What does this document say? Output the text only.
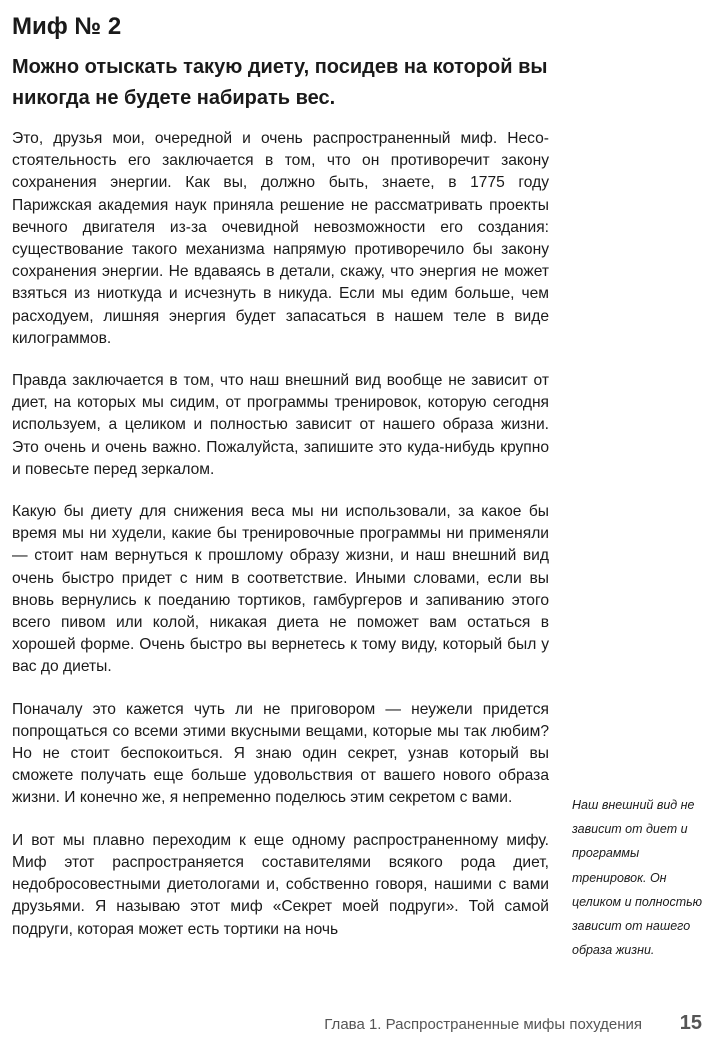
Миф № 2
Можно отыскать такую диету, посидев на которой вы никогда не будете набирать вес.

Это, друзья мои, очередной и очень распространенный миф. Несостоятельность его заключается в том, что он противоречит закону сохранения энергии. Как вы, должно быть, знаете, в 1775 году Парижская академия наук приняла решение не рассматривать проекты вечного двигателя из-за очевидной невозможности его создания: существование такого механизма напрямую противоречило бы закону сохранения энергии. Не вдаваясь в детали, скажу, что энергия не может взяться из ниоткуда и исчезнуть в никуда. Если мы едим больше, чем расходуем, лишняя энергия будет запасаться в нашем теле в виде килограммов.

Правда заключается в том, что наш внешний вид вообще не зависит от диет, на которых мы сидим, от программы тренировок, которую сегодня используем, а целиком и полностью зависит от нашего образа жизни. Это очень и очень важно. Пожалуйста, запишите это куда-нибудь крупно и повесьте перед зеркалом.

Какую бы диету для снижения веса мы ни использовали, за какое бы время мы ни худели, какие бы тренировочные программы ни применяли — стоит нам вернуться к прошлому образу жизни, и наш внешний вид очень быстро придет с ним в соответствие. Иными словами, если вы вновь вернулись к поеданию тортиков, гамбургеров и запиванию этого всего пивом или колой, никакая диета не поможет вам остаться в хорошей форме. Очень быстро вы вернетесь к тому виду, который был у вас до диеты.

Поначалу это кажется чуть ли не приговором — неужели придется попрощаться со всеми этими вкусными вещами, которые мы так любим? Но не стоит беспокоиться. Я знаю один секрет, узнав который вы сможете получать еще больше удовольствия от вашего нового образа жизни. И конечно же, я непременно поделюсь этим секретом с вами.

И вот мы плавно переходим к еще одному распространенному мифу. Миф этот распространяется составителями всякого рода диет, недобросовестными диетологами и, собственно говоря, нашими с вами друзьями. Я называю этот миф «Секрет моей подруги». Той самой подруги, которая может есть тортики на ночь

Наш внешний вид не зависит от диет и программы тренировок. Он целиком и полностью зависит от нашего образа жизни.
Глава 1. Распространенные мифы похудения 15
